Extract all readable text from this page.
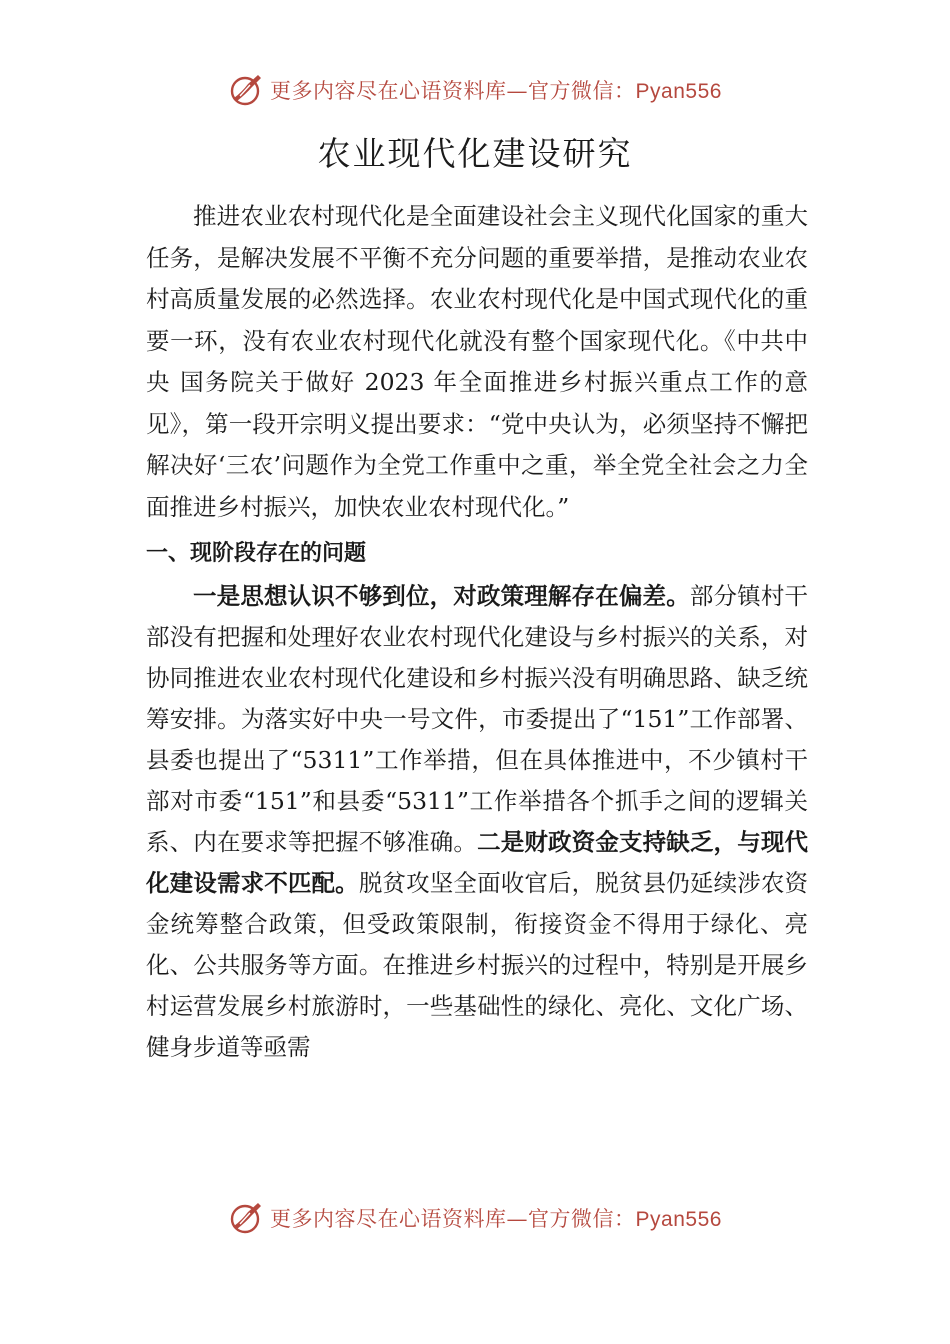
更多内容尽在心语资料库—官方微信：Pyan556
农业现代化建设研究

推进农业农村现代化是全面建设社会主义现代化国家的重大任务，是解决发展不平衡不充分问题的重要举措，是推动农业农村高质量发展的必然选择。农业农村现代化是中国式现代化的重要一环，没有农业农村现代化就没有整个国家现代化。《中共中央 国务院关于做好 2023 年全面推进乡村振兴重点工作的意见》，第一段开宗明义提出要求：“党中央认为，必须坚持不懈把解决好‘三农’问题作为全党工作重中之重，举全党全社会之力全面推进乡村振兴，加快农业农村现代化。”

一、现阶段存在的问题

一是思想认识不够到位，对政策理解存在偏差。部分镇村干部没有把握和处理好农业农村现代化建设与乡村振兴的关系，对协同推进农业农村现代化建设和乡村振兴没有明确思路、缺乏统筹安排。为落实好中央一号文件，市委提出了“151”工作部署、县委也提出了“5311”工作举措，但在具体推进中，不少镇村干部对市委“151”和县委“5311”工作举措各个抓手之间的逻辑关系、内在要求等把握不够准确。二是财政资金支持缺乏，与现代化建设需求不匹配。脱贫攻坚全面收官后，脱贫县仍延续涉农资金统筹整合政策，但受政策限制，衔接资金不得用于绿化、亮化、公共服务等方面。在推进乡村振兴的过程中，特别是开展乡村运营发展乡村旅游时，一些基础性的绿化、亮化、文化广场、健身步道等亟需

更多内容尽在心语资料库—官方微信：Pyan556
